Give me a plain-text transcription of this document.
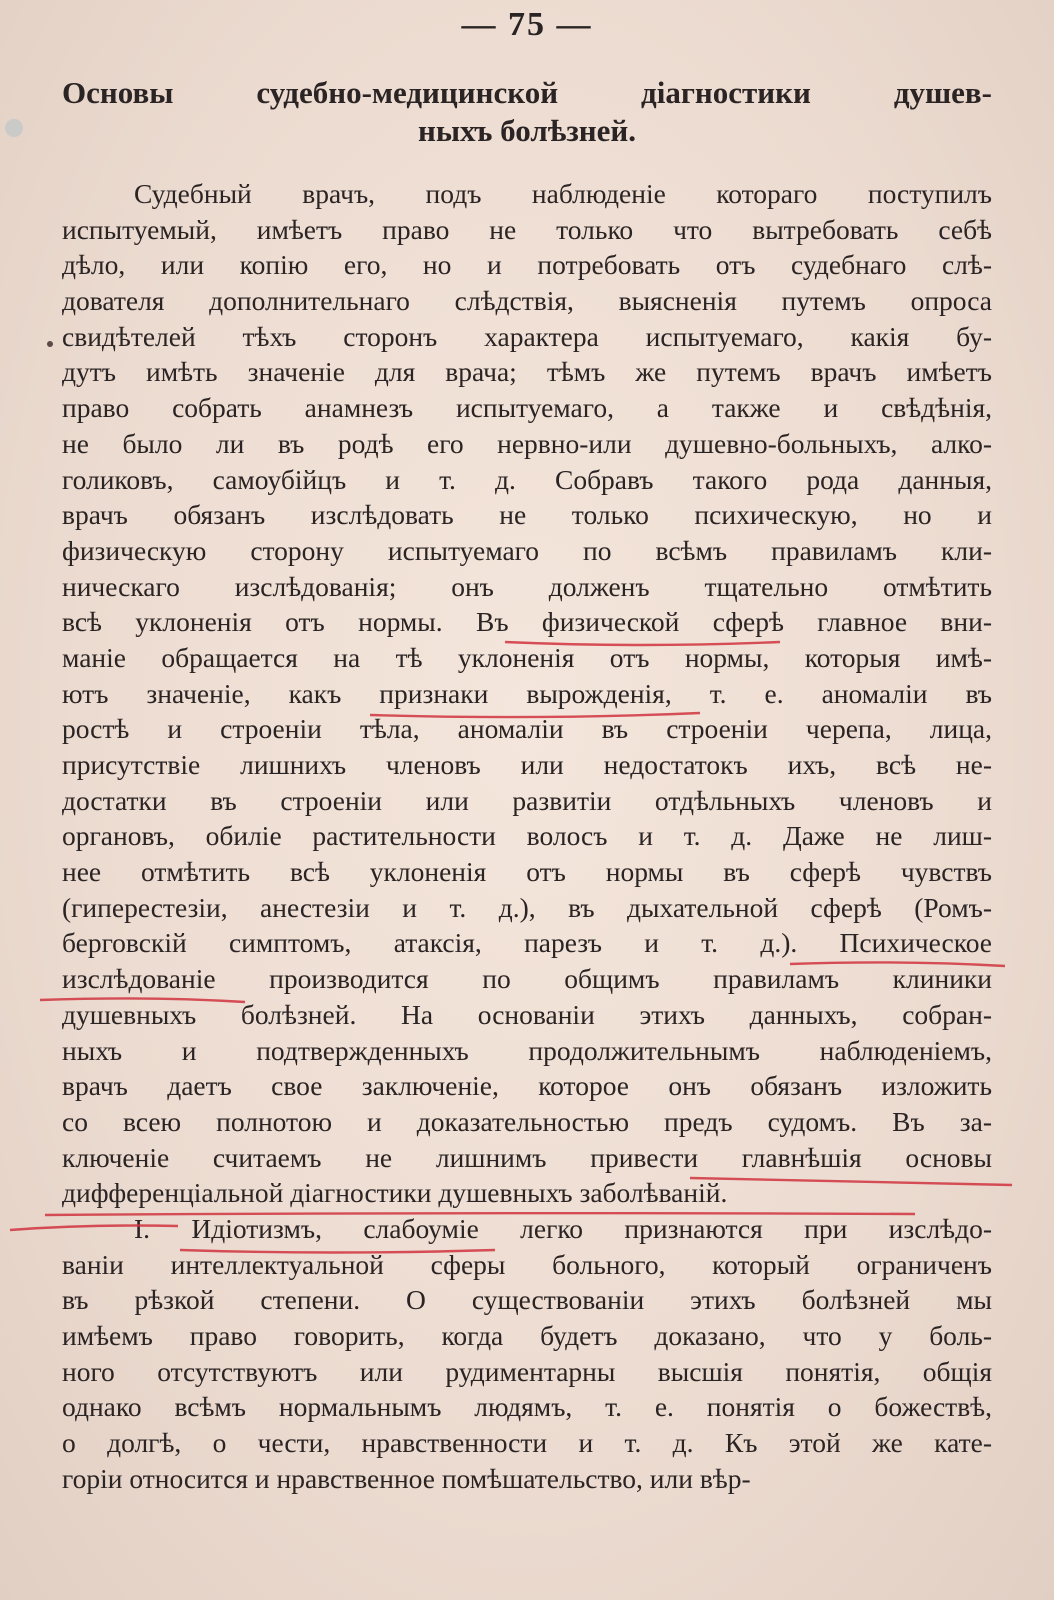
— 75 —
Основы судебно-медицинской діагностики душев-
ныхъ болѣзней.
Судебный врачъ, подъ наблюденіе котораго поступилъ
испытуемый, имѣетъ право не только что вытребовать себѣ
дѣло, или копію его, но и потребовать отъ судебнаго слѣ-
дователя дополнительнаго слѣдствія, выясненія путемъ опроса
свидѣтелей тѣхъ сторонъ характера испытуемаго, какія бу-
дутъ имѣть значеніе для врача; тѣмъ же путемъ врачъ имѣетъ
право собрать анамнезъ испытуемаго, а также и свѣдѣнія,
не было ли въ родѣ его нервно-или душевно-больныхъ, алко-
голиковъ, самоубійцъ и т. д. Собравъ такого рода данныя,
врачъ обязанъ изслѣдовать не только психическую, но и
физическую сторону испытуемаго по всѣмъ правиламъ кли-
ническаго изслѣдованія; онъ долженъ тщательно отмѣтить
всѣ уклоненія отъ нормы. Въ физической сферѣ главное вни-
маніе обращается на тѣ уклоненія отъ нормы, которыя имѣ-
ютъ значеніе, какъ признаки вырожденія, т. е. аномаліи въ
ростѣ и строеніи тѣла, аномаліи въ строеніи черепа, лица,
присутствіе лишнихъ членовъ или недостатокъ ихъ, всѣ не-
достатки въ строеніи или развитіи отдѣльныхъ членовъ и
органовъ, обиліе растительности волосъ и т. д. Даже не лиш-
нее отмѣтить всѣ уклоненія отъ нормы въ сферѣ чувствъ
(гиперестезіи, анестезіи и т. д.), въ дыхательной сферѣ (Ромъ-
берговскій симптомъ, атаксія, парезъ и т. д.). Психическое
изслѣдованіе производится по общимъ правиламъ клиники
душевныхъ болѣзней. На основаніи этихъ данныхъ, собран-
ныхъ и подтвержденныхъ продолжительнымъ наблюденіемъ,
врачъ даетъ свое заключеніе, которое онъ обязанъ изложить
со всею полнотою и доказательностью предъ судомъ. Въ за-
ключеніе считаемъ не лишнимъ привести главнѣшія основы
дифференціальной діагностики душевныхъ заболѣваній.
I. Идіотизмъ, слабоуміе легко признаются при изслѣдо-
ваніи интеллектуальной сферы больного, который ограниченъ
въ рѣзкой степени. О существованіи этихъ болѣзней мы
имѣемъ право говорить, когда будетъ доказано, что у боль-
ного отсутствуютъ или рудиментарны высшія понятія, общія
однако всѣмъ нормальнымъ людямъ, т. е. понятія о божествѣ,
о долгѣ, о чести, нравственности и т. д. Къ этой же кате-
горіи относится и нравственное помѣшательство, или вѣр-
